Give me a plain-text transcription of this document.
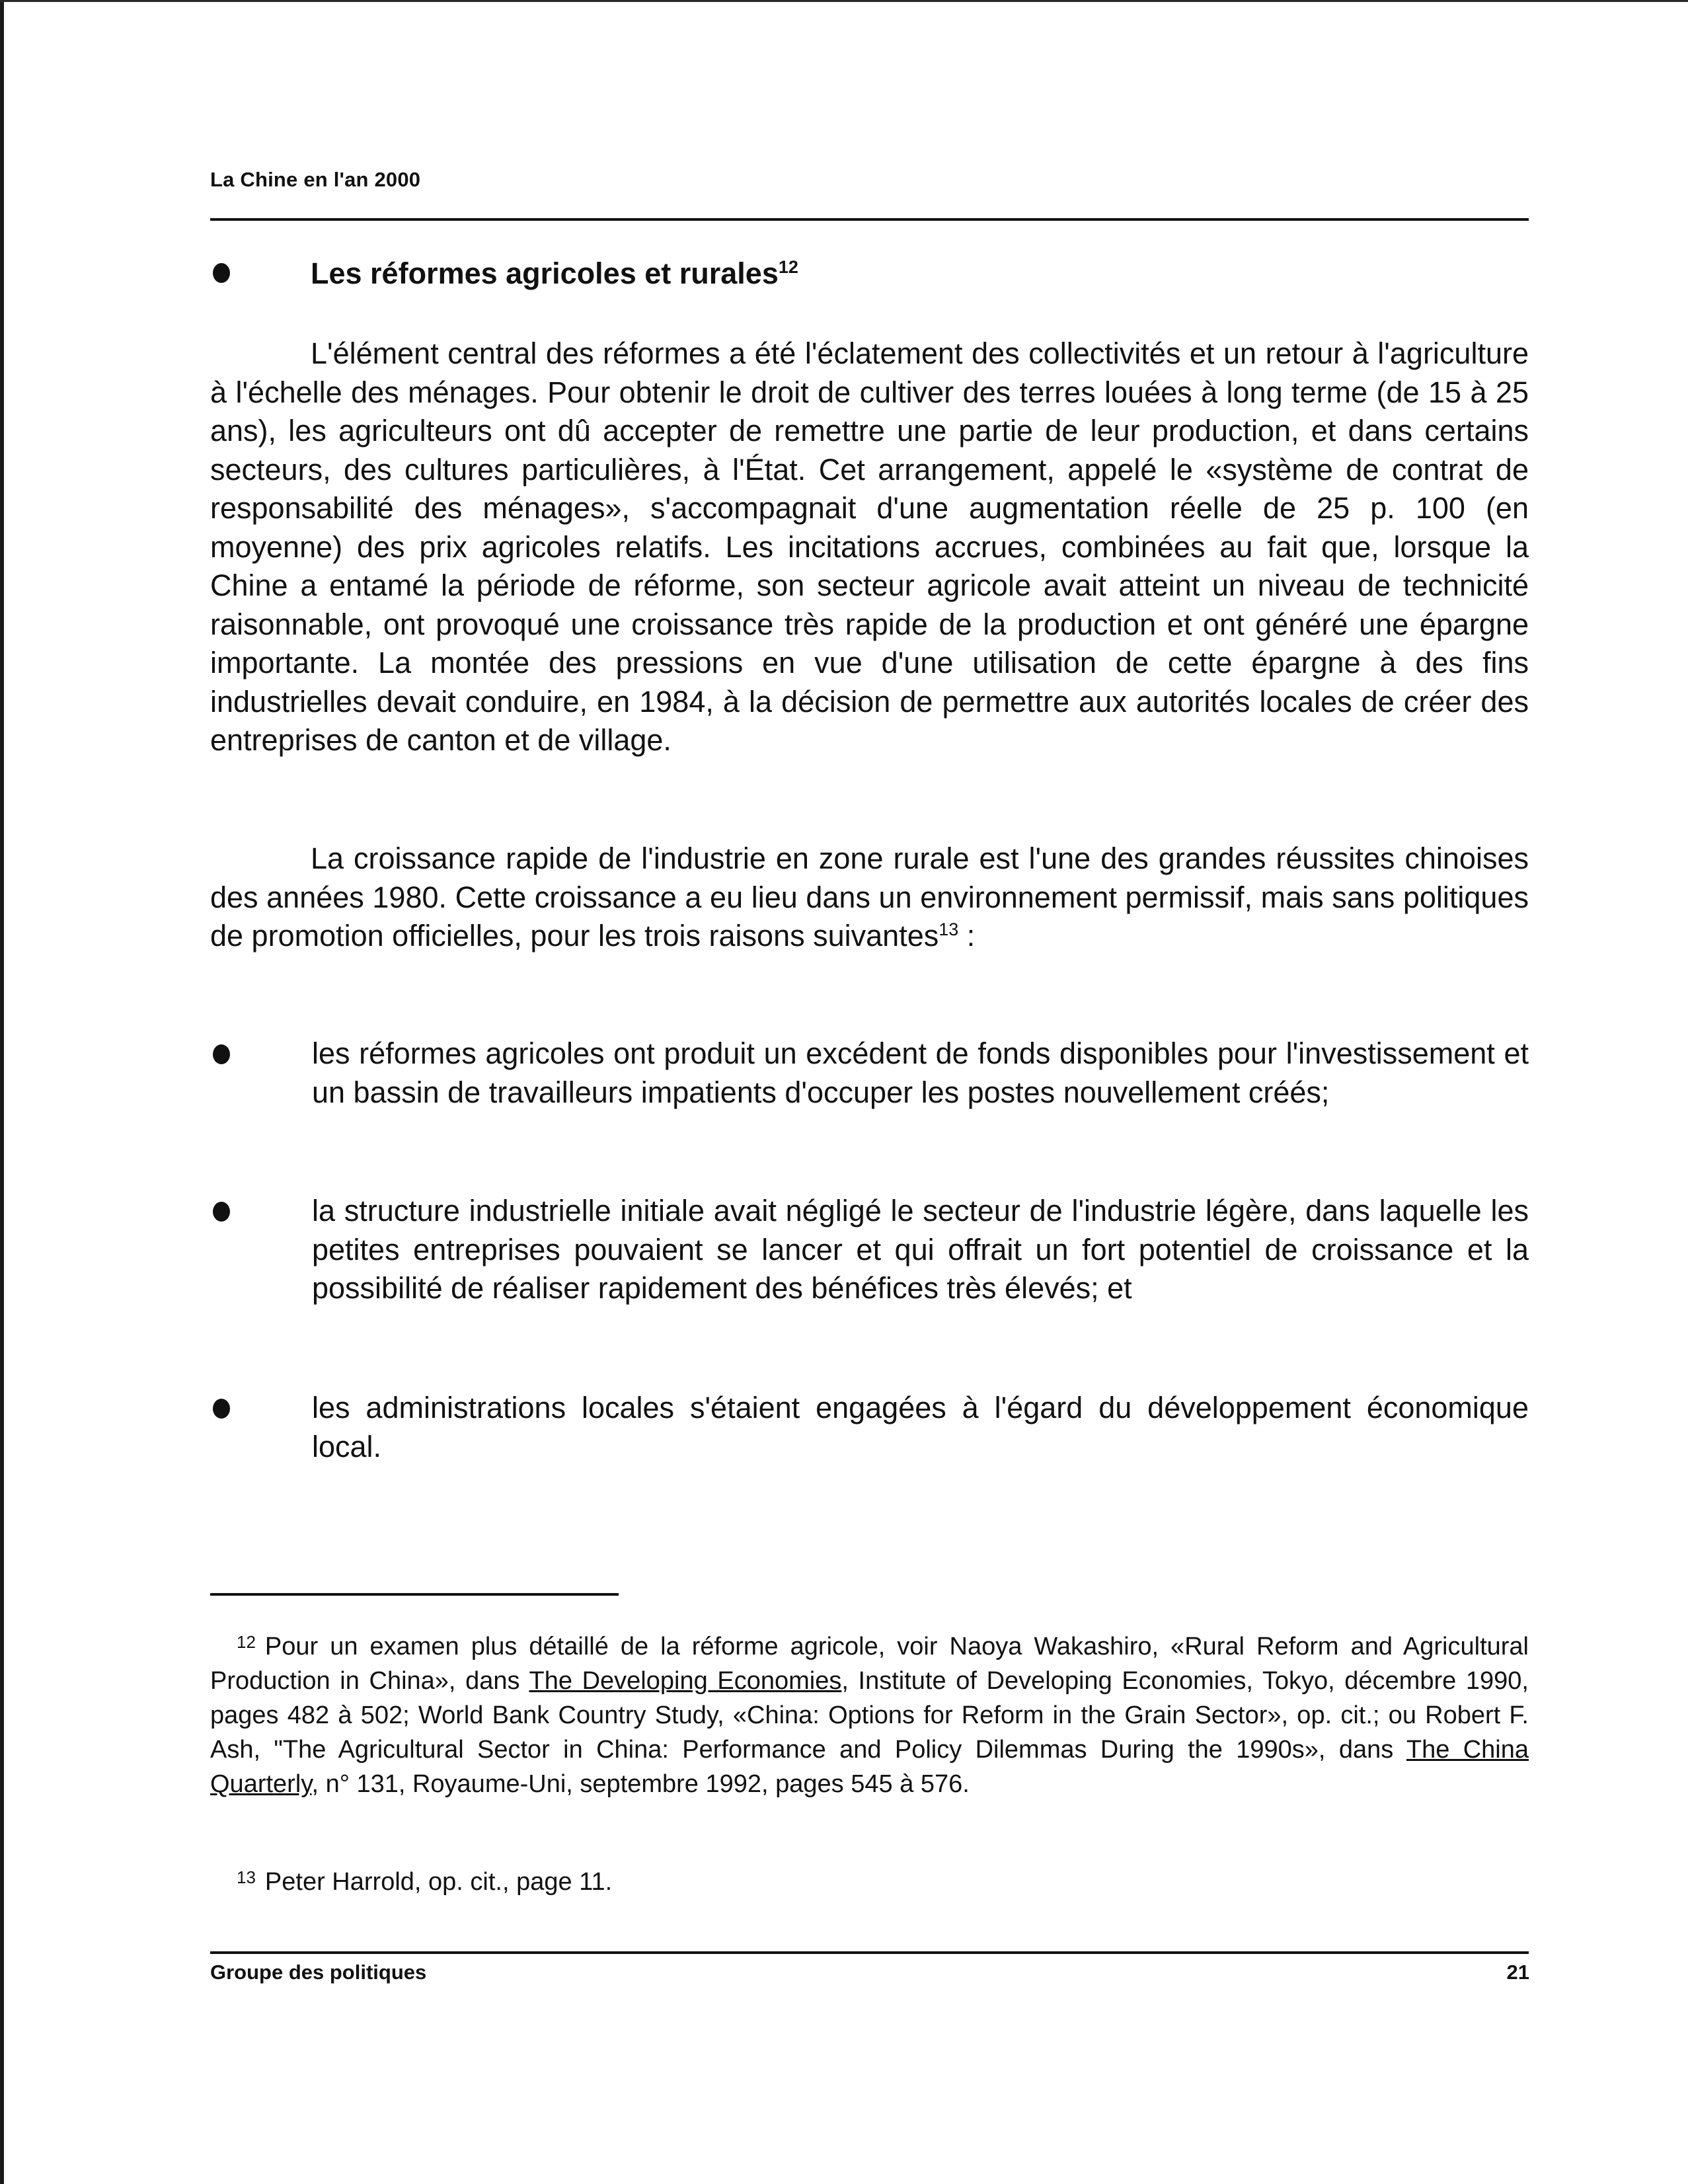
La Chine en l'an 2000
Les réformes agricoles et rurales$^{12}$
L'élément central des réformes a été l'éclatement des collectivités et un retour à l'agriculture à l'échelle des ménages. Pour obtenir le droit de cultiver des terres louées à long terme (de 15 à 25 ans), les agriculteurs ont dû accepter de remettre une partie de leur production, et dans certains secteurs, des cultures particulières, à l'État. Cet arrangement, appelé le «système de contrat de responsabilité des ménages», s'accompagnait d'une augmentation réelle de 25 p. 100 (en moyenne) des prix agricoles relatifs. Les incitations accrues, combinées au fait que, lorsque la Chine a entamé la période de réforme, son secteur agricole avait atteint un niveau de technicité raisonnable, ont provoqué une croissance très rapide de la production et ont généré une épargne importante. La montée des pressions en vue d'une utilisation de cette épargne à des fins industrielles devait conduire, en 1984, à la décision de permettre aux autorités locales de créer des entreprises de canton et de village.
La croissance rapide de l'industrie en zone rurale est l'une des grandes réussites chinoises des années 1980. Cette croissance a eu lieu dans un environnement permissif, mais sans politiques de promotion officielles, pour les trois raisons suivantes$^{13}$ :
les réformes agricoles ont produit un excédent de fonds disponibles pour l'investissement et un bassin de travailleurs impatients d'occuper les postes nouvellement créés;
la structure industrielle initiale avait négligé le secteur de l'industrie légère, dans laquelle les petites entreprises pouvaient se lancer et qui offrait un fort potentiel de croissance et la possibilité de réaliser rapidement des bénéfices très élevés; et
les administrations locales s'étaient engagées à l'égard du développement économique local.
$^{12}$ Pour un examen plus détaillé de la réforme agricole, voir Naoya Wakashiro, «Rural Reform and Agricultural Production in China», dans The Developing Economies, Institute of Developing Economies, Tokyo, décembre 1990, pages 482 à 502; World Bank Country Study, «China: Options for Reform in the Grain Sector», op. cit.; ou Robert F. Ash, "The Agricultural Sector in China: Performance and Policy Dilemmas During the 1990s», dans The China Quarterly, n° 131, Royaume-Uni, septembre 1992, pages 545 à 576.
$^{13}$ Peter Harrold, op. cit., page 11.
Groupe des politiques	21
